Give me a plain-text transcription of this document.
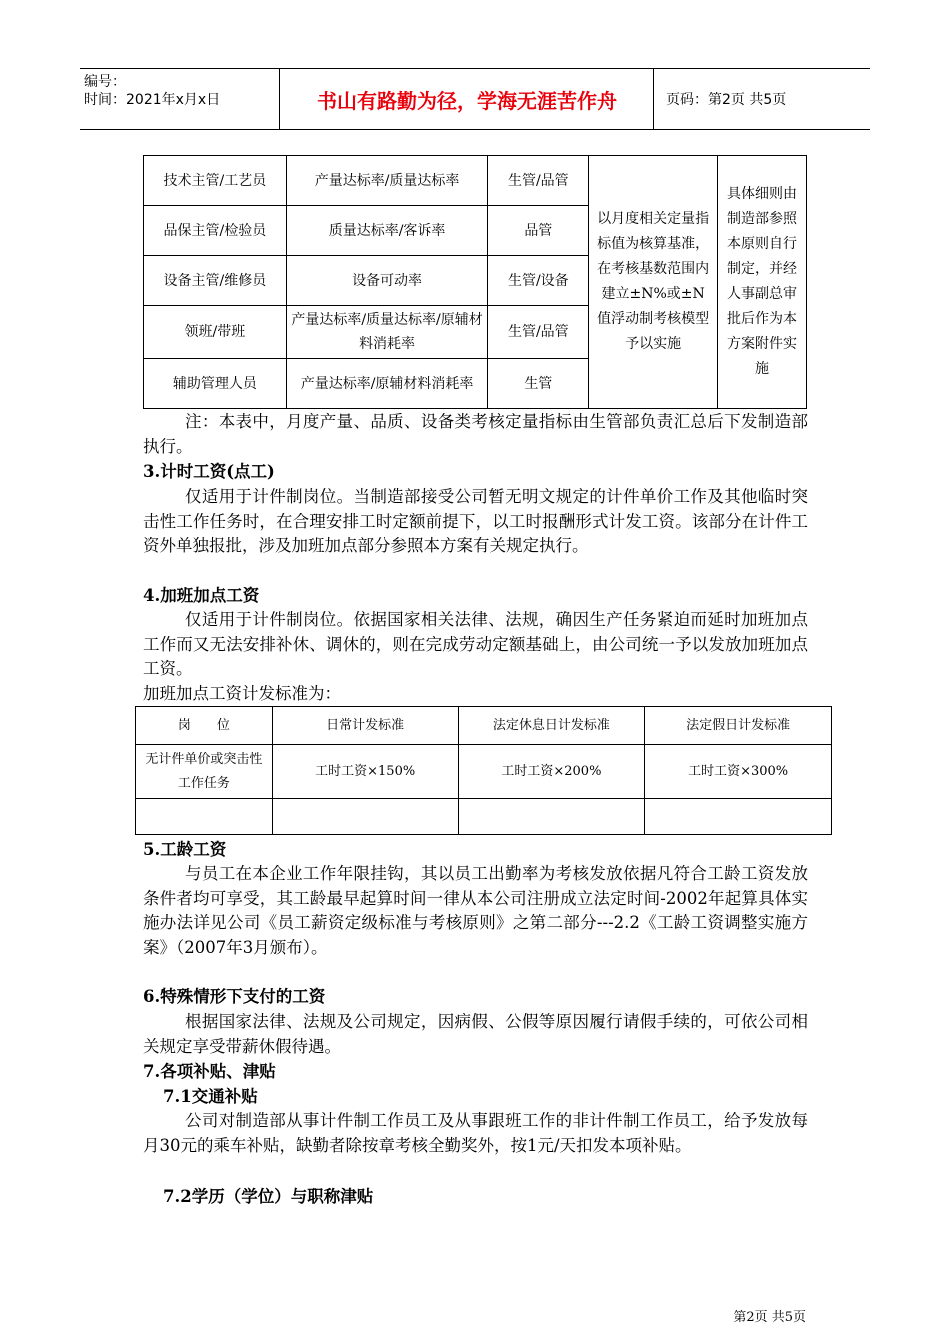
编号：
时间：2021年x月x日	书山有路勤为径，学海无涯苦作舟	页码：第2页 共5页
技术主管/工艺员	产量达标率/质量达标率	生管/品管	以月度相关定量指标值为核算基准，在考核基数范围内建立±N%或±N值浮动制考核模型予以实施	具体细则由制造部参照本原则自行制定，并经人事副总审批后作为本方案附件实施
品保主管/检验员	质量达标率/客诉率	品管		
设备主管/维修员	设备可动率	生管/设备		
领班/带班	产量达标率/质量达标率/原辅材料消耗率	生管/品管		
辅助管理人员	产量达标率/原辅材料消耗率	生管		

注：本表中，月度产量、品质、设备类考核定量指标由生管部负责汇总后下发制造部执行。

3.计时工资(点工)

仅适用于计件制岗位。当制造部接受公司暂无明文规定的计件单价工作及其他临时突击性工作任务时，在合理安排工时定额前提下，以工时报酬形式计发工资。该部分在计件工资外单独报批，涉及加班加点部分参照本方案有关规定执行。

4.加班加点工资

仅适用于计件制岗位。依据国家相关法律、法规，确因生产任务紧迫而延时加班加点工作而又无法安排补休、调休的，则在完成劳动定额基础上，由公司统一予以发放加班加点工资。

加班加点工资计发标准为：

岗　　位	日常计发标准	法定休息日计发标准	法定假日计发标准
无计件单价或突击性工作任务	工时工资×150%	工时工资×200%	工时工资×300%

5.工龄工资

与员工在本企业工作年限挂钩，其以员工出勤率为考核发放依据凡符合工龄工资发放条件者均可享受，其工龄最早起算时间一律从本公司注册成立法定时间-2002年起算具体实施办法详见公司《员工薪资定级标准与考核原则》之第二部分---2.2《工龄工资调整实施方案》（2007年3月颁布）。

6.特殊情形下支付的工资

根据国家法律、法规及公司规定，因病假、公假等原因履行请假手续的，可依公司相关规定享受带薪休假待遇。

7.各项补贴、津贴
7.1交通补贴

公司对制造部从事计件制工作员工及从事跟班工作的非计件制工作员工，给予发放每月30元的乘车补贴，缺勤者除按章考核全勤奖外，按1元/天扣发本项补贴。

7.2学历（学位）与职称津贴
第2页 共5页
